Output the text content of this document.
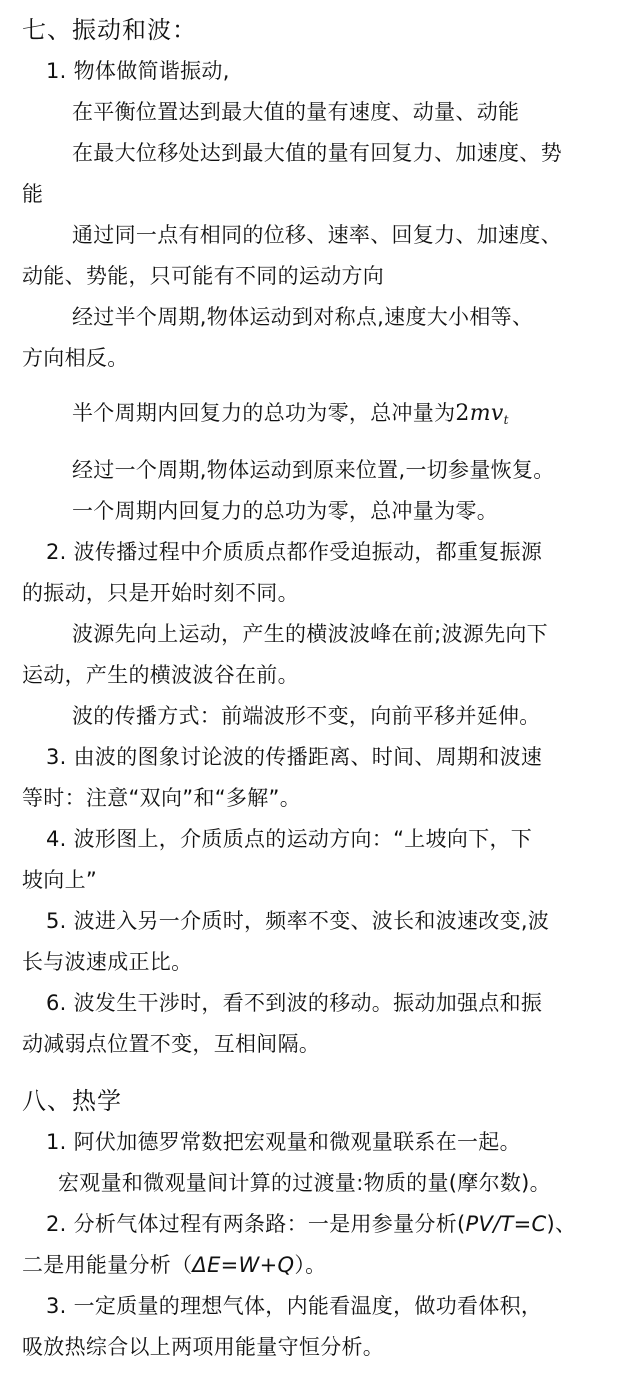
七、振动和波：
1. 物体做简谐振动,
在平衡位置达到最大值的量有速度、动量、动能
在最大位移处达到最大值的量有回复力、加速度、势
能
通过同一点有相同的位移、速率、回复力、加速度、
动能、势能，只可能有不同的运动方向
经过半个周期,物体运动到对称点,速度大小相等、
方向相反。
半个周期内回复力的总功为零，总冲量为$2mv_t$
经过一个周期,物体运动到原来位置,一切参量恢复。
一个周期内回复力的总功为零，总冲量为零。
2. 波传播过程中介质质点都作受迫振动，都重复振源
的振动，只是开始时刻不同。
波源先向上运动，产生的横波波峰在前;波源先向下
运动，产生的横波波谷在前。
波的传播方式：前端波形不变，向前平移并延伸。
3. 由波的图象讨论波的传播距离、时间、周期和波速
等时：注意“双向”和“多解”。
4. 波形图上，介质质点的运动方向：“上坡向下，下
坡向上”
5. 波进入另一介质时，频率不变、波长和波速改变,波
长与波速成正比。
6. 波发生干涉时，看不到波的移动。振动加强点和振
动减弱点位置不变，互相间隔。
八、热学
1. 阿伏加德罗常数把宏观量和微观量联系在一起。
宏观量和微观量间计算的过渡量:物质的量(摩尔数)。
2. 分析气体过程有两条路：一是用参量分析(PV/T=C)、
二是用能量分析（ΔE=W+Q）。
3. 一定质量的理想气体，内能看温度，做功看体积，
吸放热综合以上两项用能量守恒分析。
